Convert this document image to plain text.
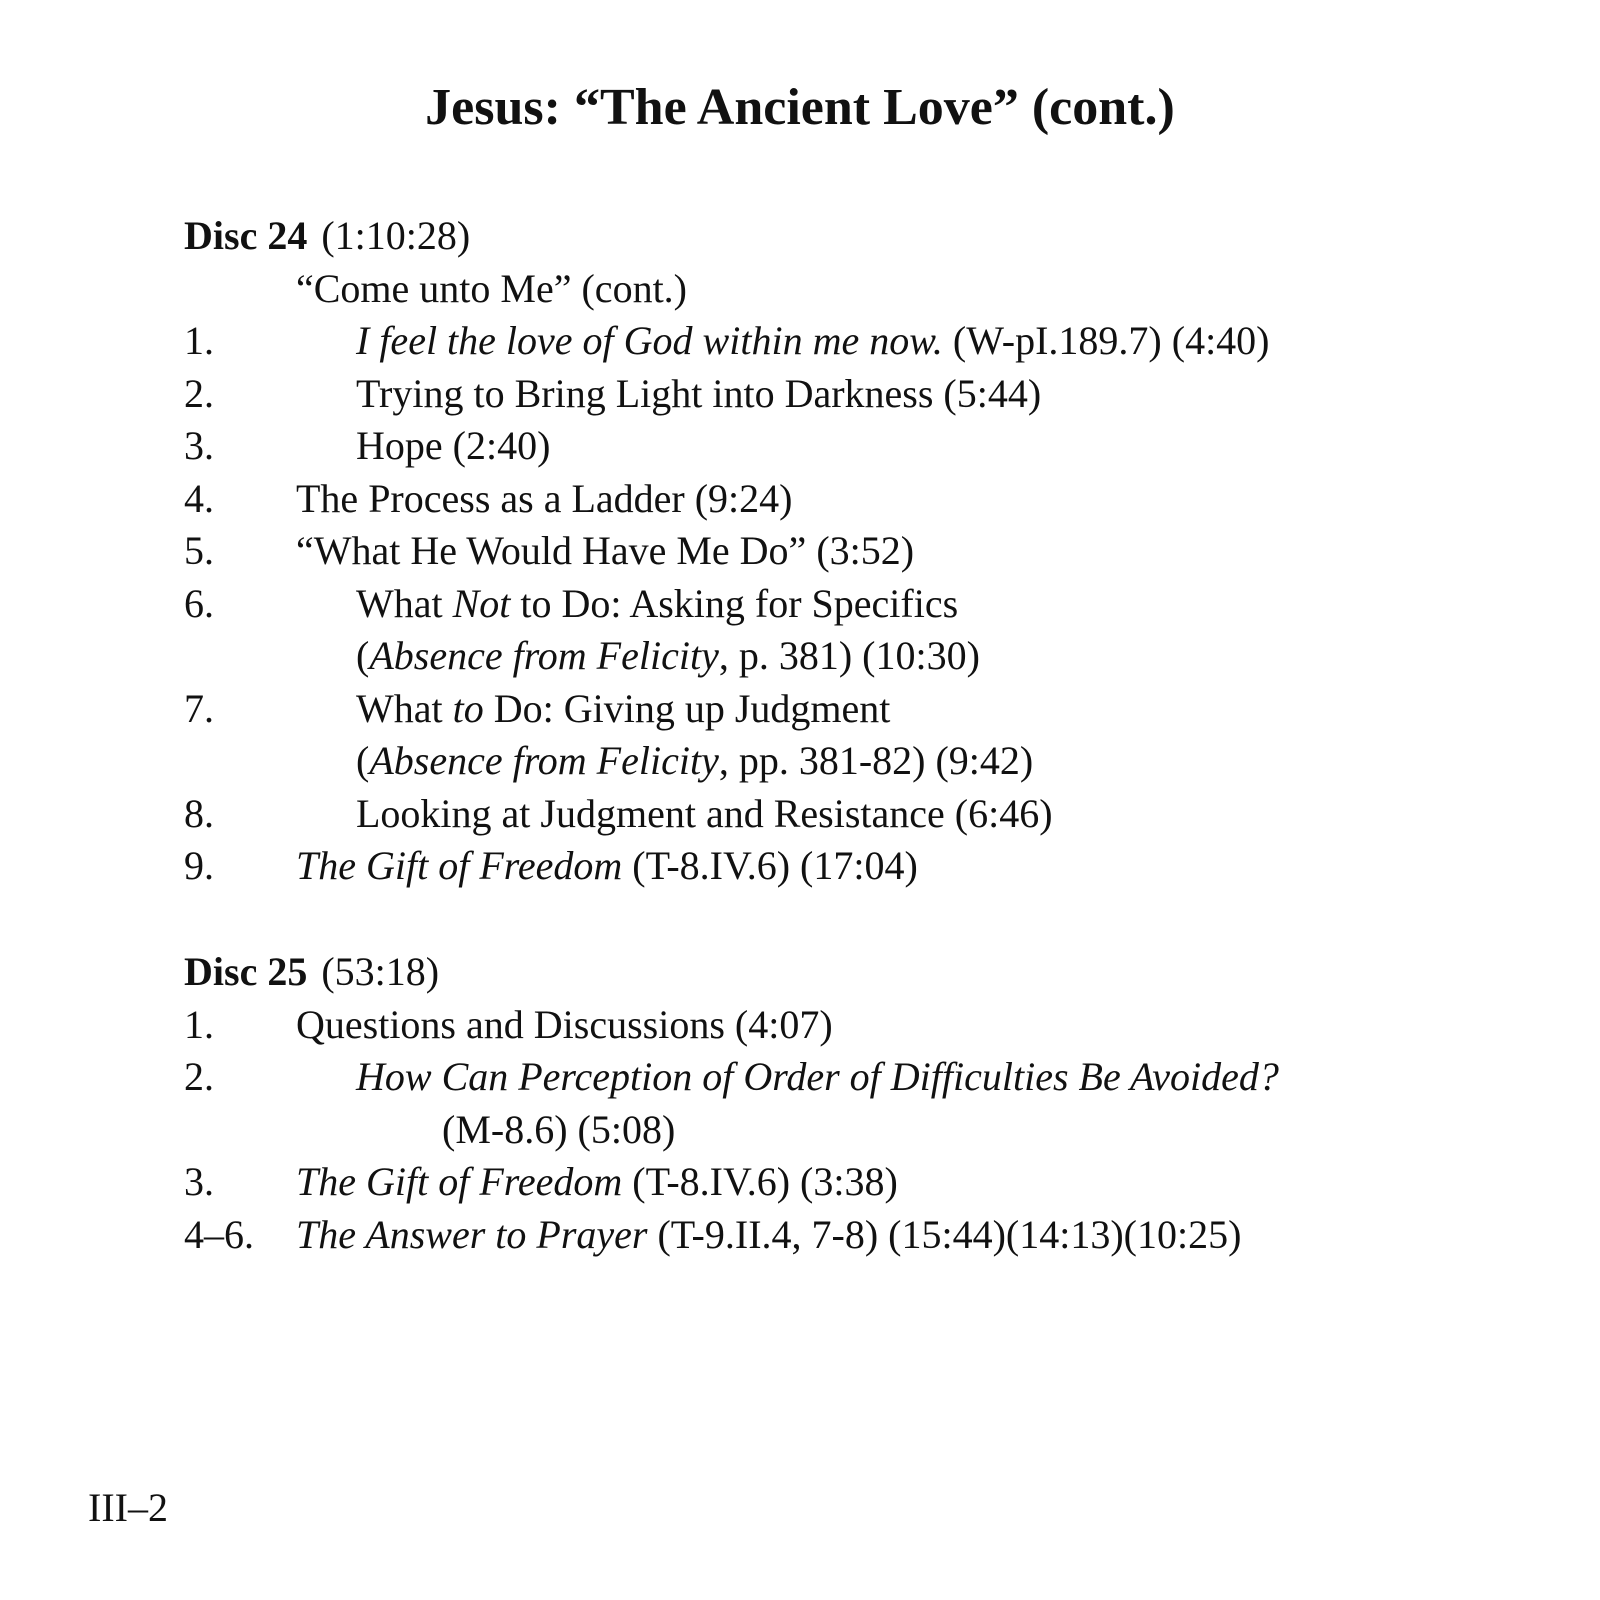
Jesus: “The Ancient Love” (cont.)
Disc 24 (1:10:28)
“Come unto Me” (cont.)
1.	I feel the love of God within me now. (W-pI.189.7) (4:40)
2.	Trying to Bring Light into Darkness (5:44)
3.	Hope (2:40)
4. The Process as a Ladder (9:24)
5. “What He Would Have Me Do” (3:52)
6.	What Not to Do: Asking for Specifics
(Absence from Felicity, p. 381) (10:30)
7.	What to Do: Giving up Judgment
(Absence from Felicity, pp. 381-82) (9:42)
8.	Looking at Judgment and Resistance (6:46)
9. The Gift of Freedom (T-8.IV.6) (17:04)
Disc 25 (53:18)
1. Questions and Discussions (4:07)
2.	How Can Perception of Order of Difficulties Be Avoided?
(M-8.6) (5:08)
3. The Gift of Freedom (T-8.IV.6) (3:38)
4–6. The Answer to Prayer (T-9.II.4, 7-8) (15:44)(14:13)(10:25)
III–2
